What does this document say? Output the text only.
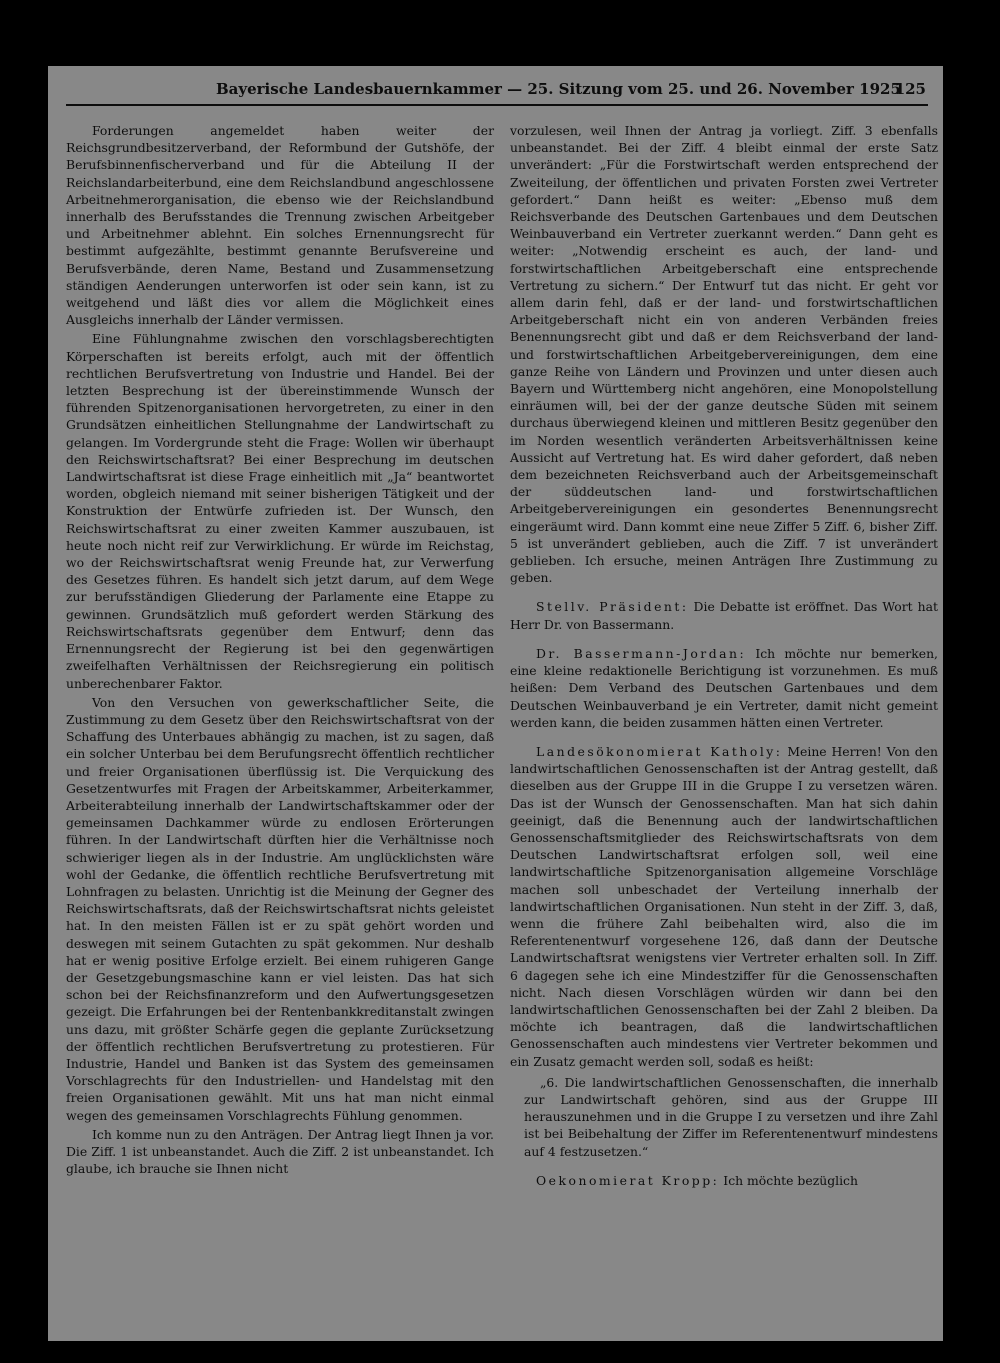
Bayerische Landesbauernkammer — 25. Sitzung vom 25. und 26. November 1925
125

Forderungen angemeldet haben weiter der Reichsgrundbesitzerverband, der Reformbund der Gutshöfe, der Berufsbinnenfischerverband und für die Abteilung II der Reichslandarbeiterbund, eine dem Reichslandbund angeschlossene Arbeitnehmerorganisation, die ebenso wie der Reichslandbund innerhalb des Berufsstandes die Trennung zwischen Arbeitgeber und Arbeitnehmer ablehnt. Ein solches Ernennungsrecht für bestimmt aufgezählte, bestimmt genannte Berufsvereine und Berufsverbände, deren Name, Bestand und Zusammensetzung ständigen Aenderungen unterworfen ist oder sein kann, ist zu weitgehend und läßt dies vor allem die Möglichkeit eines Ausgleichs innerhalb der Länder vermissen.

Eine Fühlungnahme zwischen den vorschlagsberechtigten Körperschaften ist bereits erfolgt, auch mit der öffentlich rechtlichen Berufsvertretung von Industrie und Handel. Bei der letzten Besprechung ist der übereinstimmende Wunsch der führenden Spitzenorganisationen hervorgetreten, zu einer in den Grundsätzen einheitlichen Stellungnahme der Landwirtschaft zu gelangen. Im Vordergrunde steht die Frage: Wollen wir überhaupt den Reichswirtschaftsrat? Bei einer Besprechung im deutschen Landwirtschaftsrat ist diese Frage einheitlich mit „Ja“ beantwortet worden, obgleich niemand mit seiner bisherigen Tätigkeit und der Konstruktion der Entwürfe zufrieden ist. Der Wunsch, den Reichswirtschaftsrat zu einer zweiten Kammer auszubauen, ist heute noch nicht reif zur Verwirklichung. Er würde im Reichstag, wo der Reichswirtschaftsrat wenig Freunde hat, zur Verwerfung des Gesetzes führen. Es handelt sich jetzt darum, auf dem Wege zur berufsständigen Gliederung der Parlamente eine Etappe zu gewinnen. Grundsätzlich muß gefordert werden Stärkung des Reichswirtschaftsrats gegenüber dem Entwurf; denn das Ernennungsrecht der Regierung ist bei den gegenwärtigen zweifelhaften Verhältnissen der Reichsregierung ein politisch unberechenbarer Faktor.

Von den Versuchen von gewerkschaftlicher Seite, die Zustimmung zu dem Gesetz über den Reichswirtschaftsrat von der Schaffung des Unterbaues abhängig zu machen, ist zu sagen, daß ein solcher Unterbau bei dem Berufungsrecht öffentlich rechtlicher und freier Organisationen überflüssig ist. Die Verquickung des Gesetzentwurfes mit Fragen der Arbeitskammer, Arbeiterkammer, Arbeiterabteilung innerhalb der Landwirtschaftskammer oder der gemeinsamen Dachkammer würde zu endlosen Erörterungen führen. In der Landwirtschaft dürften hier die Verhältnisse noch schwieriger liegen als in der Industrie. Am unglücklichsten wäre wohl der Gedanke, die öffentlich rechtliche Berufsvertretung mit Lohnfragen zu belasten. Unrichtig ist die Meinung der Gegner des Reichswirtschaftsrats, daß der Reichswirtschaftsrat nichts geleistet hat. In den meisten Fällen ist er zu spät gehört worden und deswegen mit seinem Gutachten zu spät gekommen. Nur deshalb hat er wenig positive Erfolge erzielt. Bei einem ruhigeren Gange der Gesetzgebungsmaschine kann er viel leisten. Das hat sich schon bei der Reichsfinanzreform und den Aufwertungsgesetzen gezeigt. Die Erfahrungen bei der Rentenbankkreditanstalt zwingen uns dazu, mit größter Schärfe gegen die geplante Zurücksetzung der öffentlich rechtlichen Berufsvertretung zu protestieren. Für Industrie, Handel und Banken ist das System des gemeinsamen Vorschlagrechts für den Industriellen- und Handelstag mit den freien Organisationen gewählt. Mit uns hat man nicht einmal wegen des gemeinsamen Vorschlagrechts Fühlung genommen.

Ich komme nun zu den Anträgen. Der Antrag liegt Ihnen ja vor. Die Ziff. 1 ist unbeanstandet. Auch die Ziff. 2 ist unbeanstandet. Ich glaube, ich brauche sie Ihnen nicht

vorzulesen, weil Ihnen der Antrag ja vorliegt. Ziff. 3 ebenfalls unbeanstandet. Bei der Ziff. 4 bleibt einmal der erste Satz unverändert: „Für die Forstwirtschaft werden entsprechend der Zweiteilung, der öffentlichen und privaten Forsten zwei Vertreter gefordert.“ Dann heißt es weiter: „Ebenso muß dem Reichsverbande des Deutschen Gartenbaues und dem Deutschen Weinbauverband ein Vertreter zuerkannt werden.“ Dann geht es weiter: „Notwendig erscheint es auch, der land- und forstwirtschaftlichen Arbeitgeberschaft eine entsprechende Vertretung zu sichern.“ Der Entwurf tut das nicht. Er geht vor allem darin fehl, daß er der land- und forstwirtschaftlichen Arbeitgeberschaft nicht ein von anderen Verbänden freies Benennungsrecht gibt und daß er dem Reichsverband der land- und forstwirtschaftlichen Arbeitgebervereinigungen, dem eine ganze Reihe von Ländern und Provinzen und unter diesen auch Bayern und Württemberg nicht angehören, eine Monopolstellung einräumen will, bei der der ganze deutsche Süden mit seinem durchaus überwiegend kleinen und mittleren Besitz gegenüber den im Norden wesentlich veränderten Arbeitsverhältnissen keine Aussicht auf Vertretung hat. Es wird daher gefordert, daß neben dem bezeichneten Reichsverband auch der Arbeitsgemeinschaft der süddeutschen land- und forstwirtschaftlichen Arbeitgebervereinigungen ein gesondertes Benennungsrecht eingeräumt wird. Dann kommt eine neue Ziffer 5 Ziff. 6, bisher Ziff. 5 ist unverändert geblieben, auch die Ziff. 7 ist unverändert geblieben. Ich ersuche, meinen Anträgen Ihre Zustimmung zu geben.

Stellv. Präsident: Die Debatte ist eröffnet. Das Wort hat Herr Dr. von Bassermann.

Dr. Bassermann-Jordan: Ich möchte nur bemerken, eine kleine redaktionelle Berichtigung ist vorzunehmen. Es muß heißen: Dem Verband des Deutschen Gartenbaues und dem Deutschen Weinbauverband je ein Vertreter, damit nicht gemeint werden kann, die beiden zusammen hätten einen Vertreter.

Landesökonomierat Katholy: Meine Herren! Von den landwirtschaftlichen Genossenschaften ist der Antrag gestellt, daß dieselben aus der Gruppe III in die Gruppe I zu versetzen wären. Das ist der Wunsch der Genossenschaften. Man hat sich dahin geeinigt, daß die Benennung auch der landwirtschaftlichen Genossenschaftsmitglieder des Reichswirtschaftsrats von dem Deutschen Landwirtschaftsrat erfolgen soll, weil eine landwirtschaftliche Spitzenorganisation allgemeine Vorschläge machen soll unbeschadet der Verteilung innerhalb der landwirtschaftlichen Organisationen. Nun steht in der Ziff. 3, daß, wenn die frühere Zahl beibehalten wird, also die im Referentenentwurf vorgesehene 126, daß dann der Deutsche Landwirtschaftsrat wenigstens vier Vertreter erhalten soll. In Ziff. 6 dagegen sehe ich eine Mindestziffer für die Genossenschaften nicht. Nach diesen Vorschlägen würden wir dann bei den landwirtschaftlichen Genossenschaften bei der Zahl 2 bleiben. Da möchte ich beantragen, daß die landwirtschaftlichen Genossenschaften auch mindestens vier Vertreter bekommen und ein Zusatz gemacht werden soll, sodaß es heißt:

„6. Die landwirtschaftlichen Genossenschaften, die innerhalb zur Landwirtschaft gehören, sind aus der Gruppe III herauszunehmen und in die Gruppe I zu versetzen und ihre Zahl ist bei Beibehaltung der Ziffer im Referentenentwurf mindestens auf 4 festzusetzen.“

Oekonomierat Kropp: Ich möchte bezüglich
